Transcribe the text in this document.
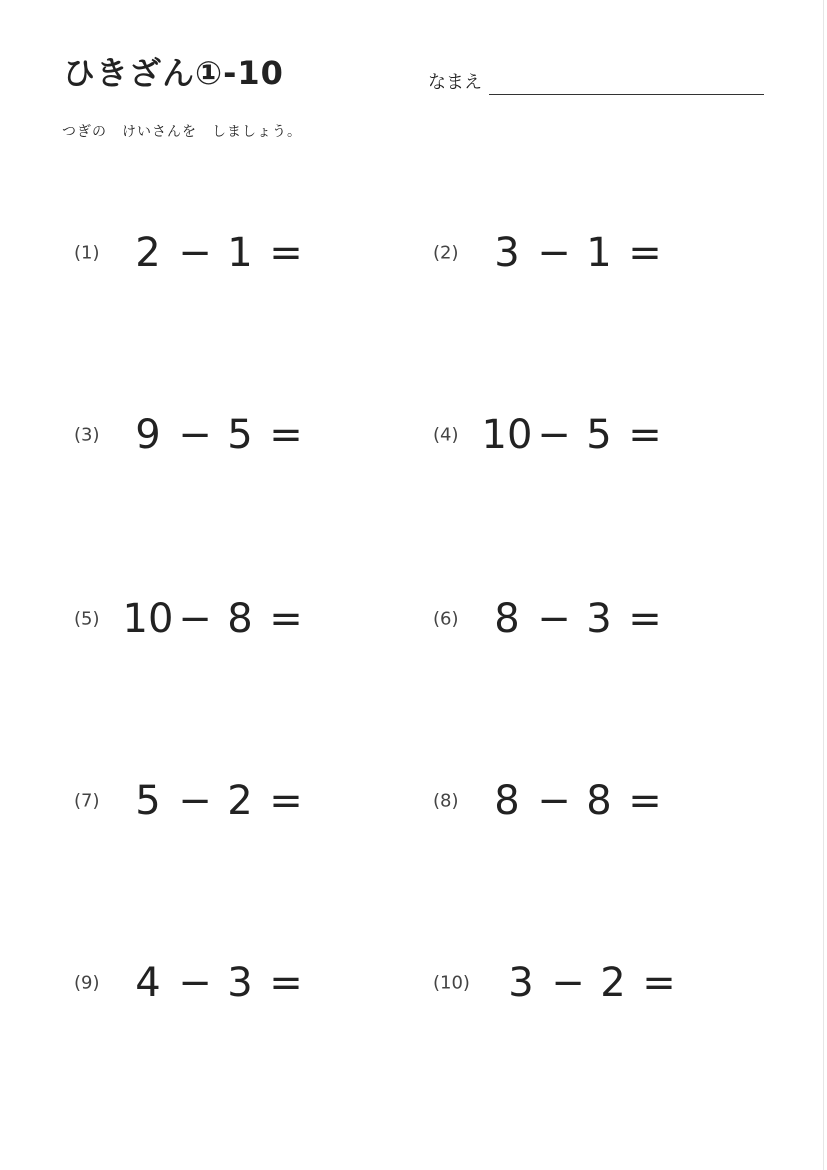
ひきざん①-10	なまえ
つぎの　けいさんを　しましょう。
(1) 2 − 1 =	(2) 3 − 1 =
(3) 9 − 5 =	(4) 10 − 5 =
(5) 10 − 8 =	(6) 8 − 3 =
(7) 5 − 2 =	(8) 8 − 8 =
(9) 4 − 3 =	(10) 3 − 2 =
